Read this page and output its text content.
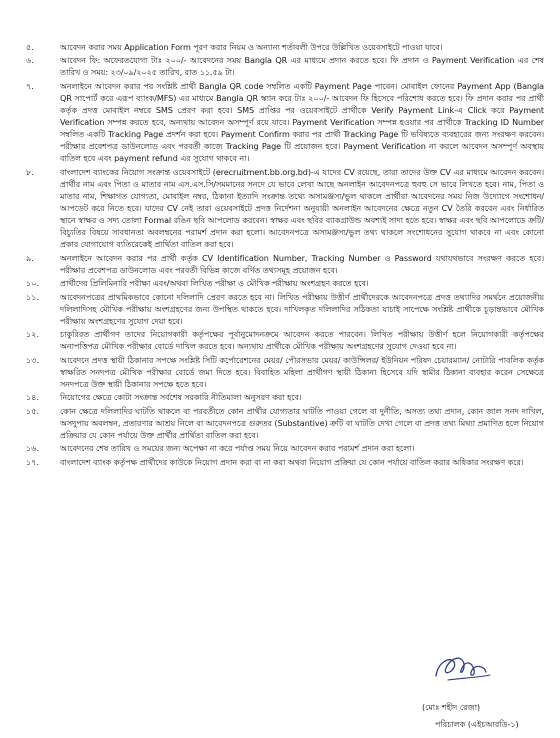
৫.	আবেদন করার সময় Application Form পূরণ করার নিয়ম ও অন্যান্য শর্তাবলী উপরে উল্লিখিত ওয়েবসাইটে পাওয়া যাবে।
৬.	আবেদন ফি: অফেরতযোগ্য টাঃ ২০০/- আবেদনের সময় Bangla QR এর মাধ্যমে প্রদান করতে হবে। ফি প্রদান ও Payment Verification এর শেষ তারিখ ও সময়: ২৩/০৯/২০২৫ তারিখ, রাত ১১.৫৯ টা।
৭.	অনলাইনে আবেদন করার পর সংশ্লিষ্ট প্রার্থী Bangla QR code সম্বলিত একটি Payment Page পাবেন। মোবাইল ফোনের Payment App (Bangla QR সাপোর্ট করে এরূপ ব্যাংক/MFS) এর মাধ্যমে Bangla QR স্ক্যান করে টাঃ ২০০/- আবেদন ফি হিসেবে পরিশোধ করতে হবে। ফি প্রদান করার পর প্রার্থী কর্তৃক প্রদত্ত মোবাইল নম্বরে SMS প্রেরণ করা হবে। SMS প্রাপ্তির পর ওয়েবসাইটে প্রার্থীকে Verify Payment Link-এ Click করে Payment Verification সম্পন্ন করতে হবে, অন্যথায় আবেদন অসম্পূর্ণ রয়ে যাবে। Payment Verification সম্পন্ন হওয়ার পর প্রার্থীকে Tracking ID Number সম্বলিত একটি Tracking Page প্রদর্শন করা হবে। Payment Confirm করার পর প্রার্থী Tracking Page টি ভবিষ্যতে ব্যবহারের জন্য সংরক্ষণ করবেন। পরীক্ষার প্রবেশপত্র ডাউনলোড এবং পরবর্তী কাজে Tracking Page টি প্রয়োজন হবে। Payment Verification না করলে আবেদন অসম্পূর্ণ অবস্থায় বাতিল হবে এবং payment refund এর সুযোগ থাকবে না।
৮.	বাংলাদেশ ব্যাংকের নিয়োগ সংক্রান্ত ওয়েবসাইটে (erecruitment.bb.org.bd)-এ যাদের CV রয়েছে, তারা তাদের উক্ত CV এর মাধ্যমে আবেদন করবেন। প্রার্থীর নাম এবং পিতা ও মাতার নাম এস.এস.সি/সমমানের সনদে যে ভাবে লেখা আছে অনলাইন আবেদনপত্রে হুবহু সে ভাবে লিখতে হবে। নাম, পিতা ও মাতার নাম, শিক্ষাগত যোগ্যতা, মোবাইল নম্বর, ঠিকানা ইত্যাদি সংক্রান্ত তথ্যে অসামঞ্জস্য/ভুল থাকলে প্রার্থীরা আবেদনের সময় নিজ উদ্যোগে সংশোধন/আপডেট করে নিতে হবে। যাদের CV নেই তারা ওয়েবসাইটে প্রদত্ত নির্দেশনা অনুযায়ী অনলাইন আবেদনের ক্ষেত্রে নতুন CV তৈরি করবেন এবং নির্ধারিত স্থানে স্বাক্ষর ও সদ্য তোলা Formal রঙিন ছবি আপলোড করবেন। স্বাক্ষর এবং ছবির ব্যাকগ্রাউন্ড অবশ্যই সাদা হতে হবে। স্বাক্ষর এবং ছবি আপলোডে ক্রটি/বিচ্যুতির বিষয়ে সাবধানতা অবলম্বনের পরামর্শ প্রদান করা হলো। আবেদনপত্রে অসামঞ্জস্য/ভুল তথ্য থাকলে সংশোধনের সুযোগ থাকবে না এবং কোনো প্রকার যোগাযোগ ব্যতিরেকেই প্রার্থিতা বাতিল করা হবে।
৯.	অনলাইনে আবেদন করার পর প্রার্থী কর্তৃক CV Identification Number, Tracking Number ও Password যথাযথভাবে সংরক্ষণ করতে হবে। পরীক্ষার প্রবেশপত্র ডাউনলোড এবং পরবর্তী বিভিন্ন কাজে বর্ণিত তথ্যসমূহ প্রয়োজন হবে।
১০.	প্রার্থীদের প্রিলিমিনারি পরীক্ষা এবং/অথবা লিখিত পরীক্ষা ও মৌখিক পরীক্ষায় অংশগ্রহণ করতে হবে।
১১.	আবেদনপত্রের প্রাথমিকভাবে কোনো দলিলাদি প্রেরণ করতে হবে না। লিখিত পরীক্ষায় উত্তীর্ণ প্রার্থীদেরকে আবেদনপত্রে প্রদত্ত তথ্যাদির সমর্থনে প্রয়োজনীয় দলিলাদিসহ মৌখিক পরীক্ষায় অংশগ্রহণের জন্য উপস্থিত থাকতে হবে। দাখিলকৃত দলিলাদির সঠিকতা যাচাই সাপেক্ষে সংশ্লিষ্ট প্রার্থীকে চূড়ান্তভাবে মৌখিক পরীক্ষায় অংশগ্রহণের সুযোগ দেয়া হবে।
১২.	চাকুরিরত প্রার্থীগণ তাদের নিয়োগকারী কর্তৃপক্ষের পূর্বানুমোদনক্রমে আবেদন করতে পারবেন। লিখিত পরীক্ষায় উত্তীর্ণ হলে নিয়োগকারী কর্তৃপক্ষের অনাপত্তিপত্র মৌখিক পরীক্ষার বোর্ডে দাখিল করতে হবে। অন্যথায় প্রার্থীকে মৌখিক পরীক্ষায় অংশগ্রহণের সুযোগ দেওয়া হবে না।
১৩.	আবেদনে প্রদত্ত স্থায়ী ঠিকানার সপক্ষে সংশ্লিষ্ট সিটি কর্পোরেশনের মেয়র/ পৌরসভার মেয়র/ কাউন্সিলর/ ইউনিয়ন পরিষদ চেয়ারম্যান/ নোটারি পাবলিক কর্তৃক স্বাক্ষরিত সনদপত্র মৌখিক পরীক্ষার বোর্ডে জমা দিতে হবে। বিবাহিত মহিলা প্রার্থীগণ স্থায়ী ঠিকানা হিসেবে যদি স্বামীর ঠিকানা ব্যবহার করেন সেক্ষেত্রে সনদপত্রে উক্ত স্থায়ী ঠিকানার সপক্ষে হতে হবে।
১৪.	নিয়োগের ক্ষেত্রে কোটা সংক্রান্ত সর্বশেষ সরকারি নীতিমালা অনুসরণ করা হবে।
১৫.	কোন ক্ষেত্রে দলিলাদির ঘাটতি থাকলে বা পরবর্তীতে কোন প্রার্থীর যোগ্যতার ঘাটতি পাওয়া গেলে বা দুর্নীতি, অসত্য তথ্য প্রদান, কোন জাল সনদ দাখিল, অসদুপায় অবলম্বন, প্রতারণার আশ্রয় নিলে বা আবেদনপত্রে গুরুতর (Substantive) ক্রটি বা ঘাটতি দেখা গেলে বা প্রদত্ত তথ্য মিথ্যা প্রমাণিত হলে নিয়োগ প্রক্রিয়ার যে কোন পর্যায়ে উক্ত প্রার্থীর প্রার্থিতা বাতিল করা হবে।
১৬.	আবেদনের শেষ তারিখ ও সময়ের জন্য অপেক্ষা না করে পর্যাপ্ত সময় নিয়ে আবেদন করার পরামর্শ প্রদান করা হলো।
১৭.	বাংলাদেশ ব্যাংক কর্তৃপক্ষ প্রার্থীদের কাউকে নিয়োগ প্রদান করা বা না করা অথবা নিয়োগ প্রক্রিয়া যে কোন পর্যায়ে বাতিল করার অধিকার সংরক্ষণ করে।
(মোঃ শহীদ রেজা)
পরিচালক (এইচআরডি-১)
